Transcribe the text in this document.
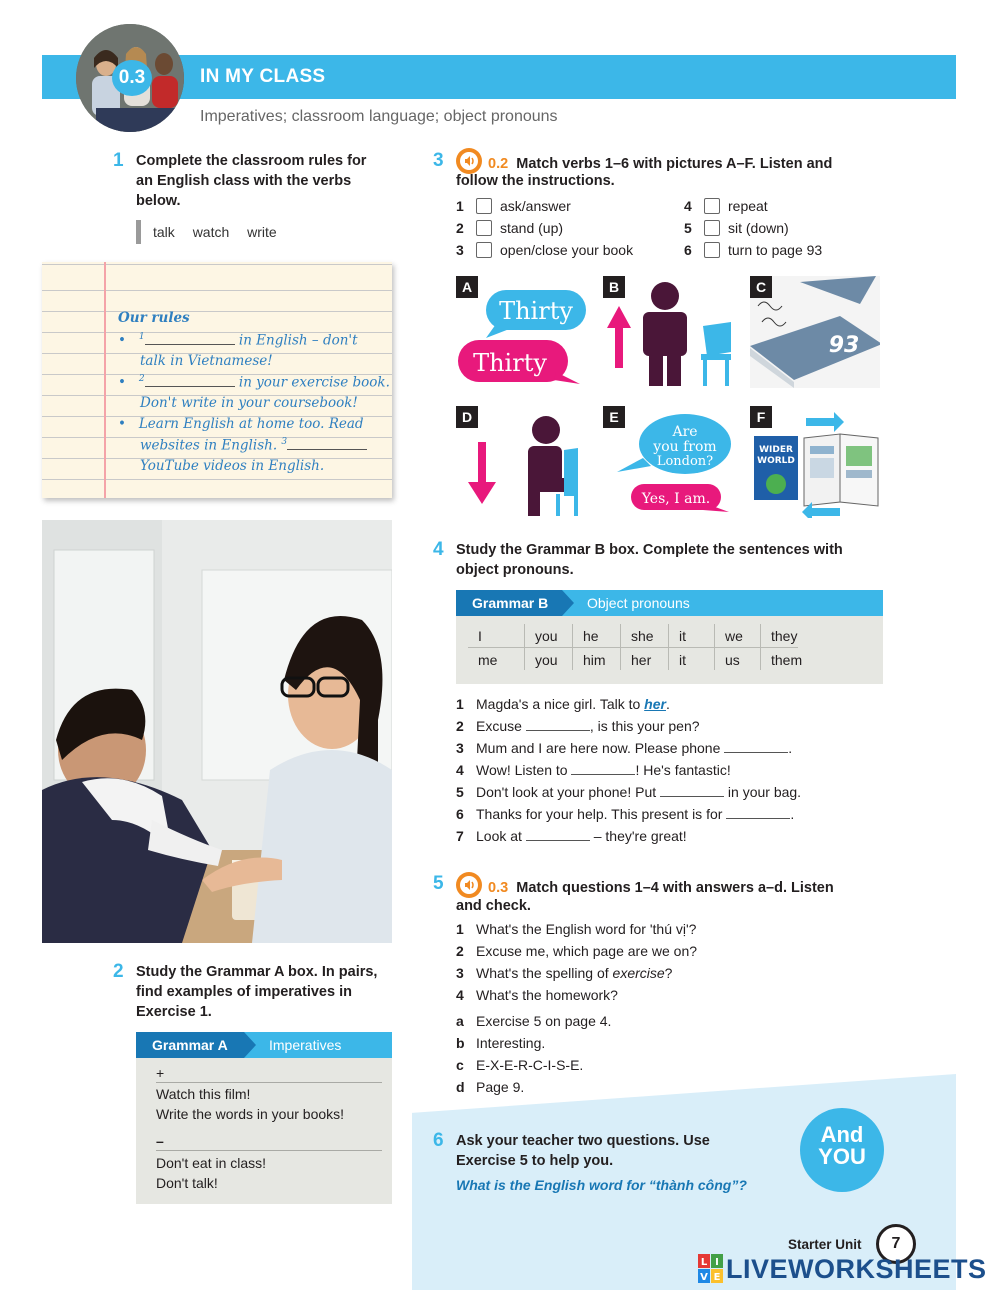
0.3	IN MY CLASS
Imperatives; classroom language; object pronouns
1 Complete the classroom rules for an English class with the verbs below.
talk watch write
Our rules
• $^1$	in English – don't
talk in Vietnamese!
• $^2$	in your exercise book.
Don't write in your coursebook!
• Learn English at home too. Read
websites in English. $^3$
YouTube videos in English.
2 Study the Grammar A box. In pairs, find examples of imperatives in Exercise 1.
Grammar A	Imperatives
+
Watch this film!
Write the words in your books!
–
Don't eat in class!
Don't talk!
3	0.2 Match verbs 1–6 with pictures A–F. Listen and
follow the instructions.
1	ask/answer
2	stand (up)
3	open/close your book
4	repeat
5	sit (down)
6	turn to page 93
A
Thirty
Thirty
B	C
93
D	E
Are
you from
London?
Yes, I am.
F
WIDER
WORLD
4 Study the Grammar B box. Complete the sentences with object pronouns.
Grammar B	Object pronouns
I	you	he	she	it	we	they
me	you him her it	us them
1 Magda's a nice girl. Talk to her.
2 Excuse	, is this your pen?
3 Mum and I are here now. Please phone	.
4 Wow! Listen to	! He's fantastic!
5 Don't look at your phone! Put	in your bag.
6 Thanks for your help. This present is for	.
7 Look at	– they're great!
5	0.3 Match questions 1–4 with answers a–d. Listen
and check.
1 What's the English word for 'thú vị'?
2 Excuse me, which page are we on?
3 What's the spelling of exercise?
4 What's the homework?
a Exercise 5 on page 4.
b Interesting.
c E-X-E-R-C-I-S-E.
d Page 9.
6 Ask your teacher two questions. Use
Exercise 5 to help you.
What is the English word for “thành công”?
And
YOU
Starter Unit	7
L I
V E LIVEWORKSHEETS
